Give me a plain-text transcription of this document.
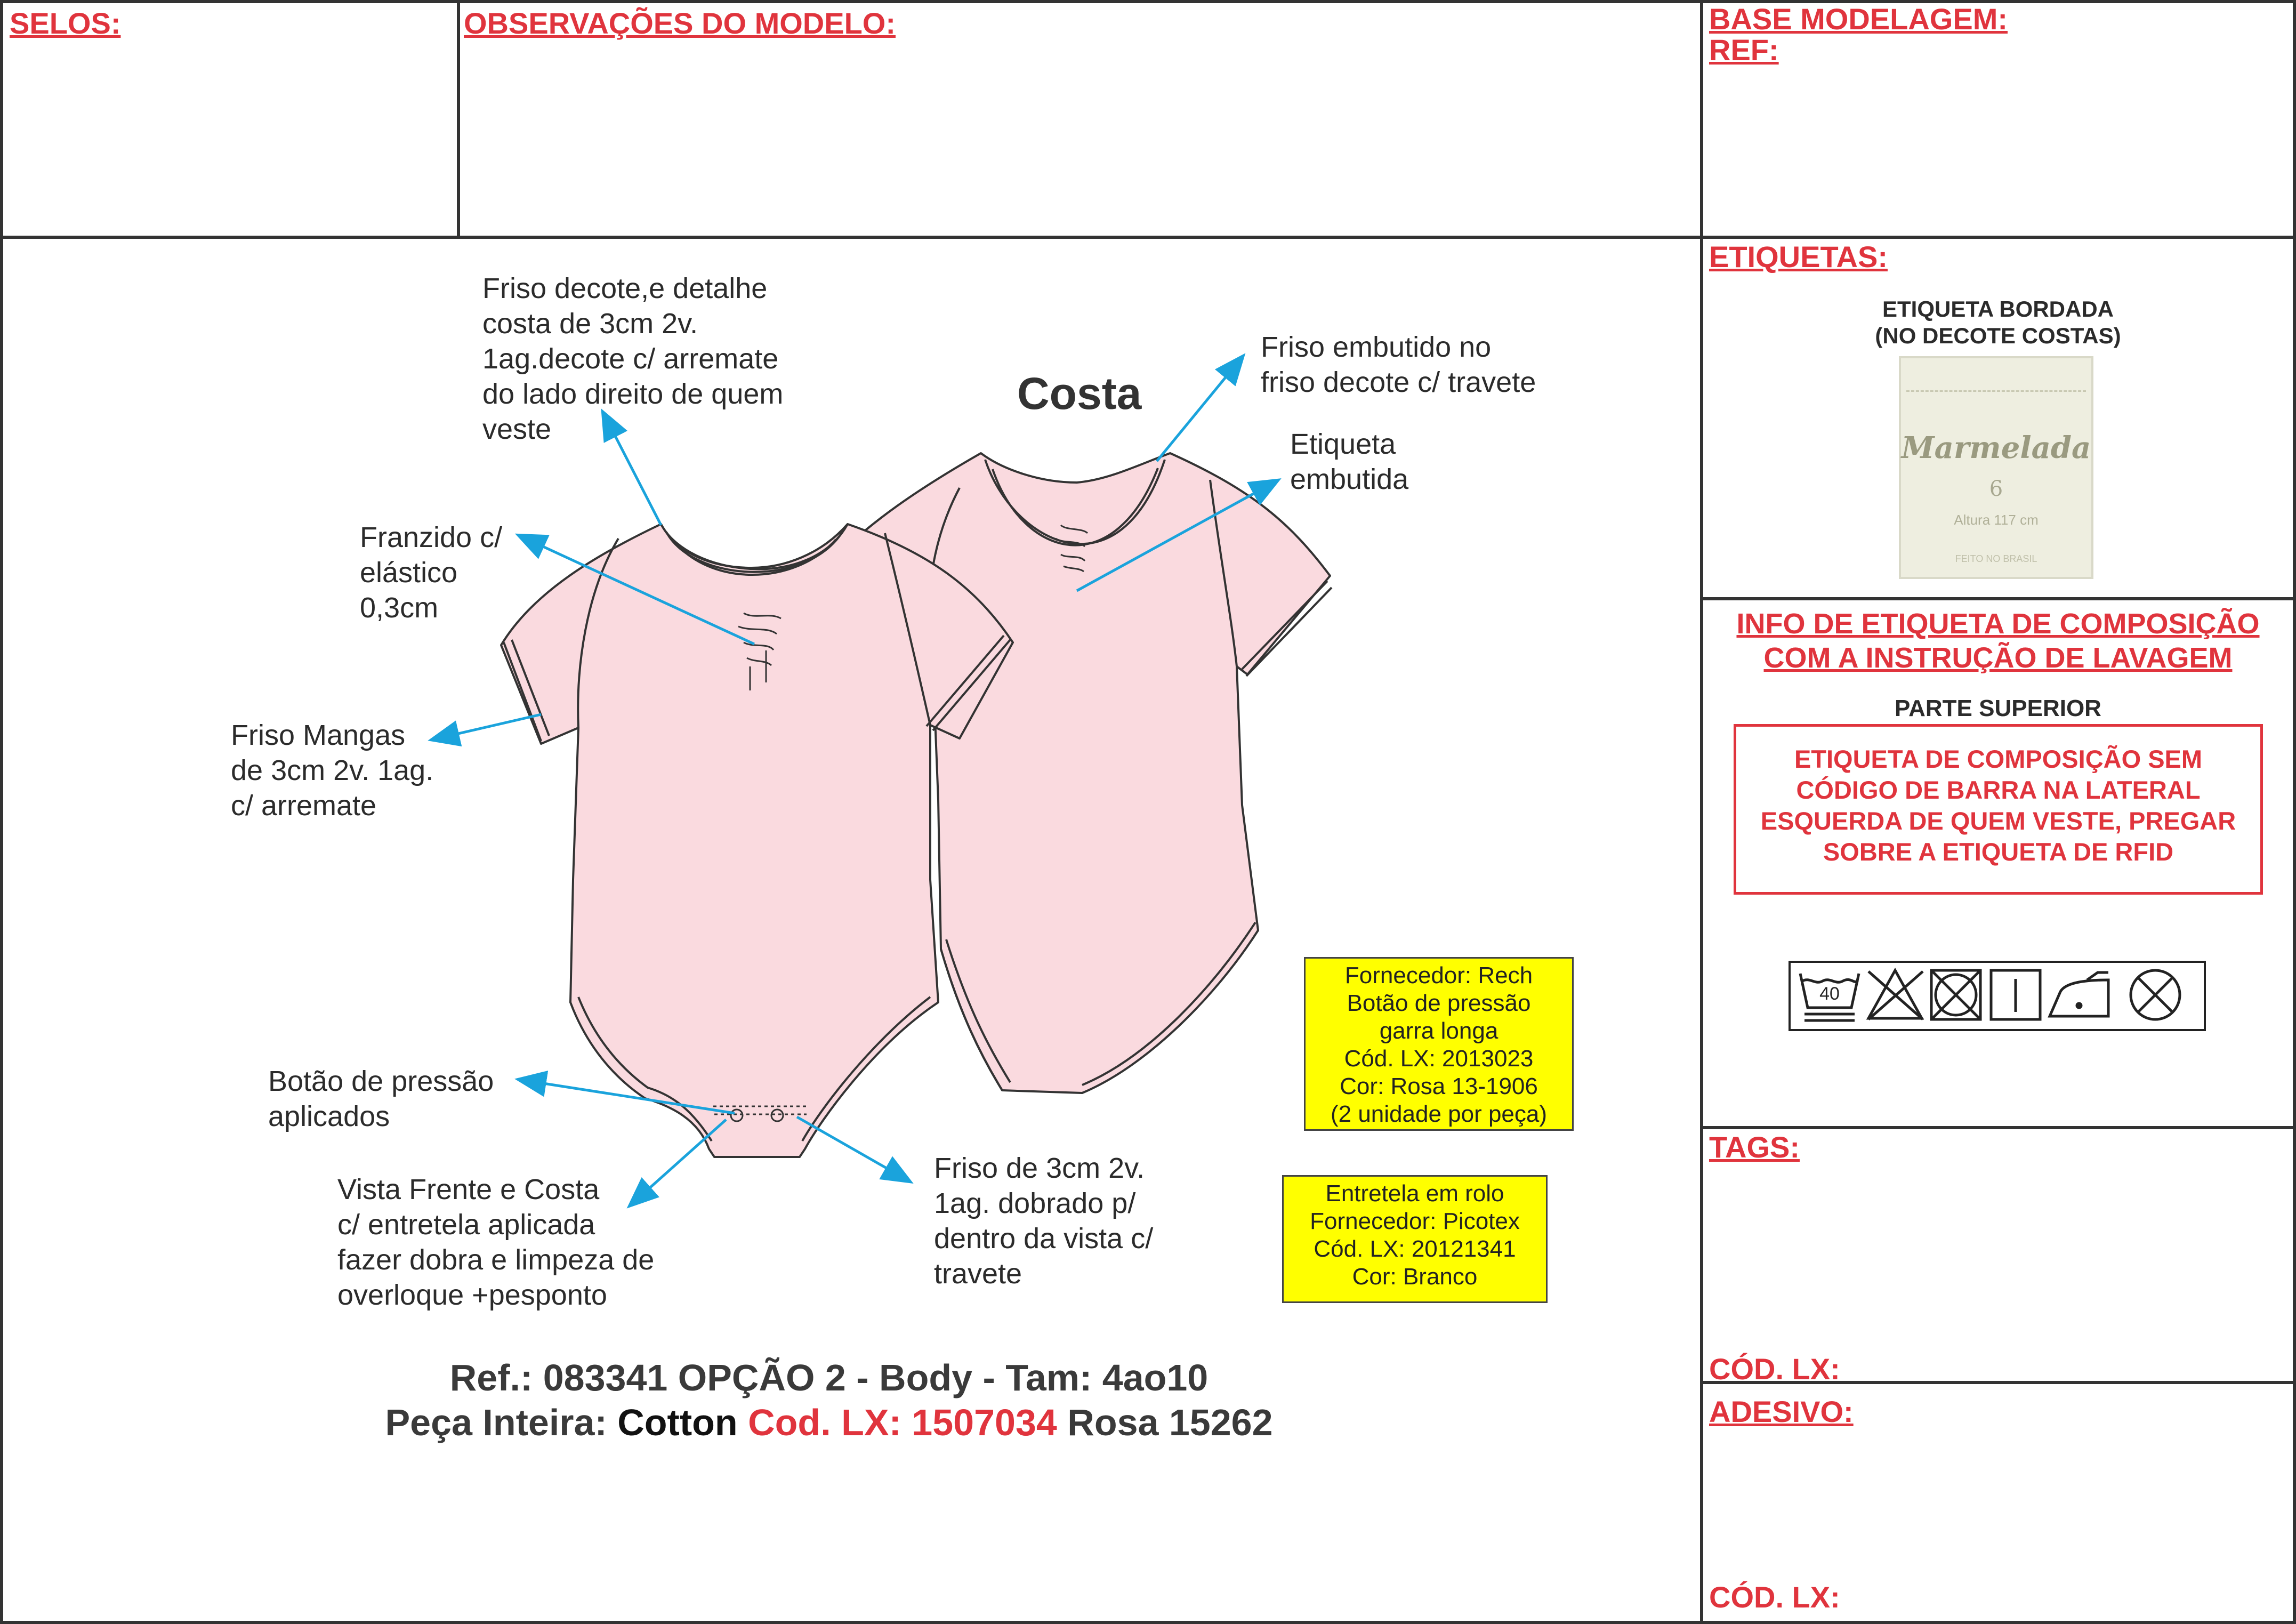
SELOS:	OBSERVAÇÕES DO MODELO:	BASE MODELAGEM:
REF:
Costa
Friso decote,e detalhe
costa de 3cm 2v.
1ag.decote c/ arremate
do lado direito de quem
veste
Franzido c/
elástico
0,3cm
Friso Mangas
de 3cm 2v. 1ag.
c/ arremate
Botão de pressão
aplicados
Vista Frente e Costa
c/ entretela aplicada
fazer dobra e limpeza de
overloque +pesponto
Friso de 3cm 2v.
1ag. dobrado p/
dentro da vista c/
travete
Friso embutido no
friso decote c/ travete
Etiqueta
embutida
Fornecedor: Rech
Botão de pressão
garra longa
Cód. LX: 2013023
Cor: Rosa 13-1906
(2 unidade por peça)
Entretela em rolo
Fornecedor: Picotex
Cód. LX: 20121341
Cor: Branco
Ref.: 083341 OPÇÃO 2 - Body - Tam: 4ao10
Peça Inteira: Cotton Cod. LX: 1507034 Rosa 15262
ETIQUETAS:
ETIQUETA BORDADA
(NO DECOTE COSTAS)
Marmelada
6
Altura 117 cm
FEITO NO BRASIL
INFO DE ETIQUETA DE COMPOSIÇÃO
COM A INSTRUÇÃO DE LAVAGEM
PARTE SUPERIOR
ETIQUETA DE COMPOSIÇÃO SEM
CÓDIGO DE BARRA NA LATERAL
ESQUERDA DE QUEM VESTE, PREGAR
SOBRE A ETIQUETA DE RFID
40
TAGS:
CÓD. LX:
ADESIVO:
CÓD. LX:
